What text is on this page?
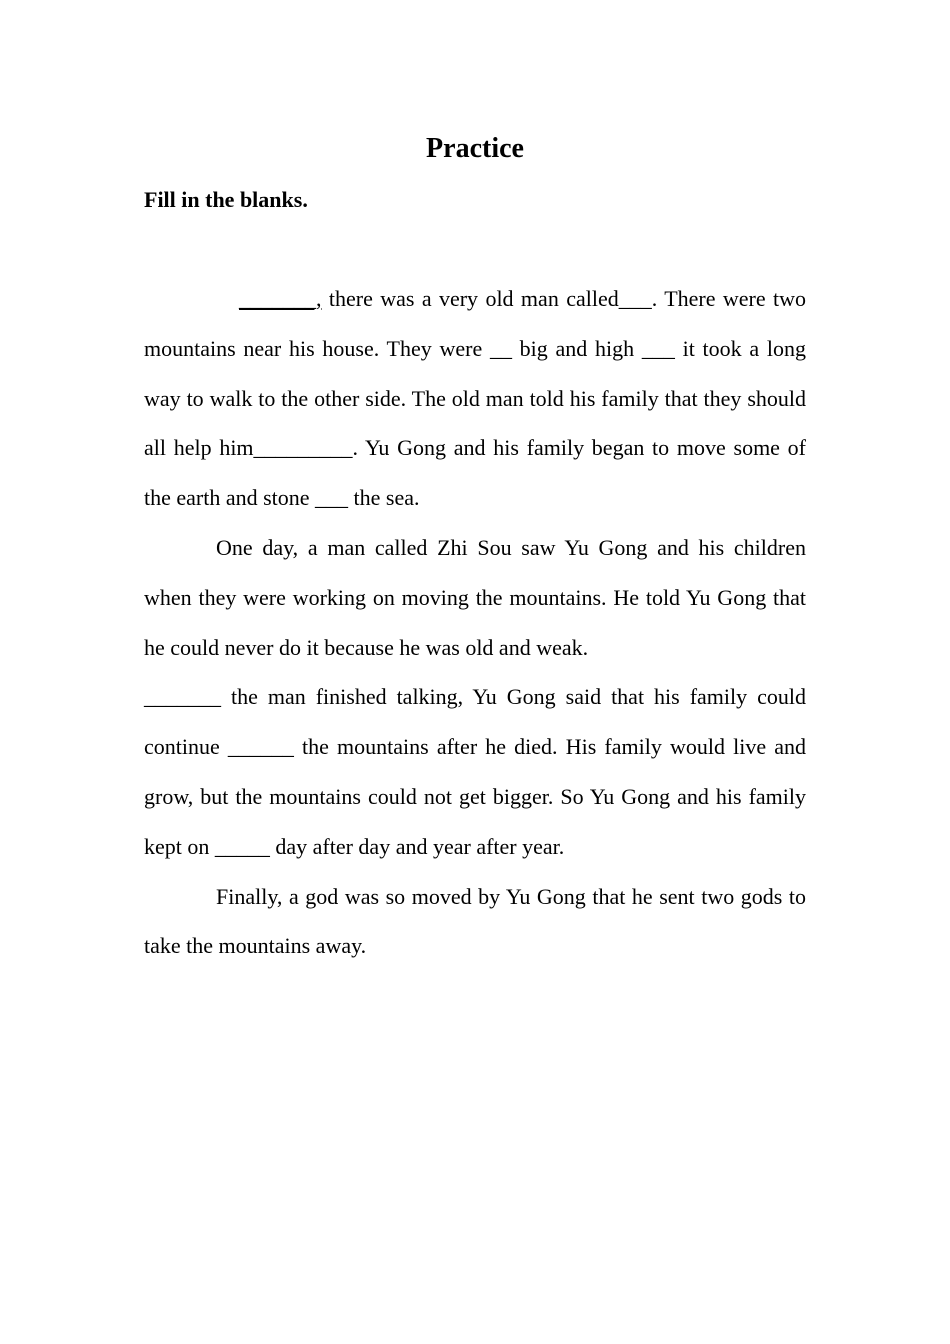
Practice

Fill in the blanks.

_______, there was a very old man called___. There were two mountains near his house. They were __ big and high ___ it took a long way to walk to the other side. The old man told his family that they should all help him_________. Yu Gong and his family began to move some of the earth and stone ___ the sea.

One day, a man called Zhi Sou saw Yu Gong and his children when they were working on moving the mountains. He told Yu Gong that he could never do it because he was old and weak.

_______ the man finished talking, Yu Gong said that his family could continue ______ the mountains after he died. His family would live and grow, but the mountains could not get bigger. So Yu Gong and his family kept on _____ day after day and year after year.

Finally, a god was so moved by Yu Gong that he sent two gods to take the mountains away.
